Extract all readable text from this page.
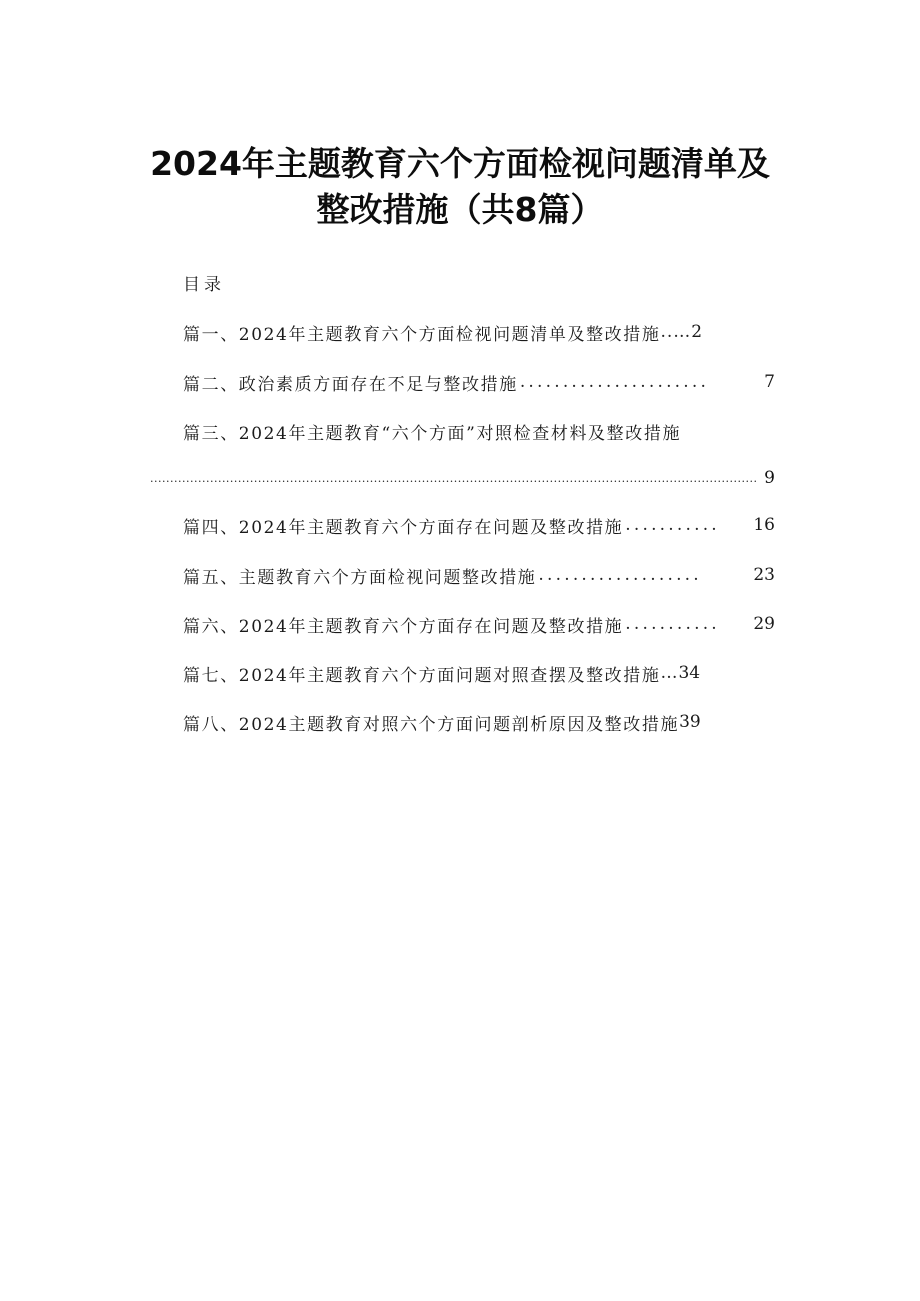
2024年主题教育六个方面检视问题清单及
整改措施（共8篇）
目录
篇一、2024年主题教育六个方面检视问题清单及整改措施 ..… 2
篇二、政治素质方面存在不足与整改措施 ......................	7
篇三、2024年主题教育“六个方面”对照检查材料及整改措施
........................................................................................................................................................ 9
篇四、2024年主题教育六个方面存在问题及整改措施 ...........	16
篇五、主题教育六个方面检视问题整改措施 ...................	23
篇六、2024年主题教育六个方面存在问题及整改措施 ...........	29
篇七、2024年主题教育六个方面问题对照查摆及整改措施 … 34
篇八、2024主题教育对照六个方面问题剖析原因及整改措施 39
